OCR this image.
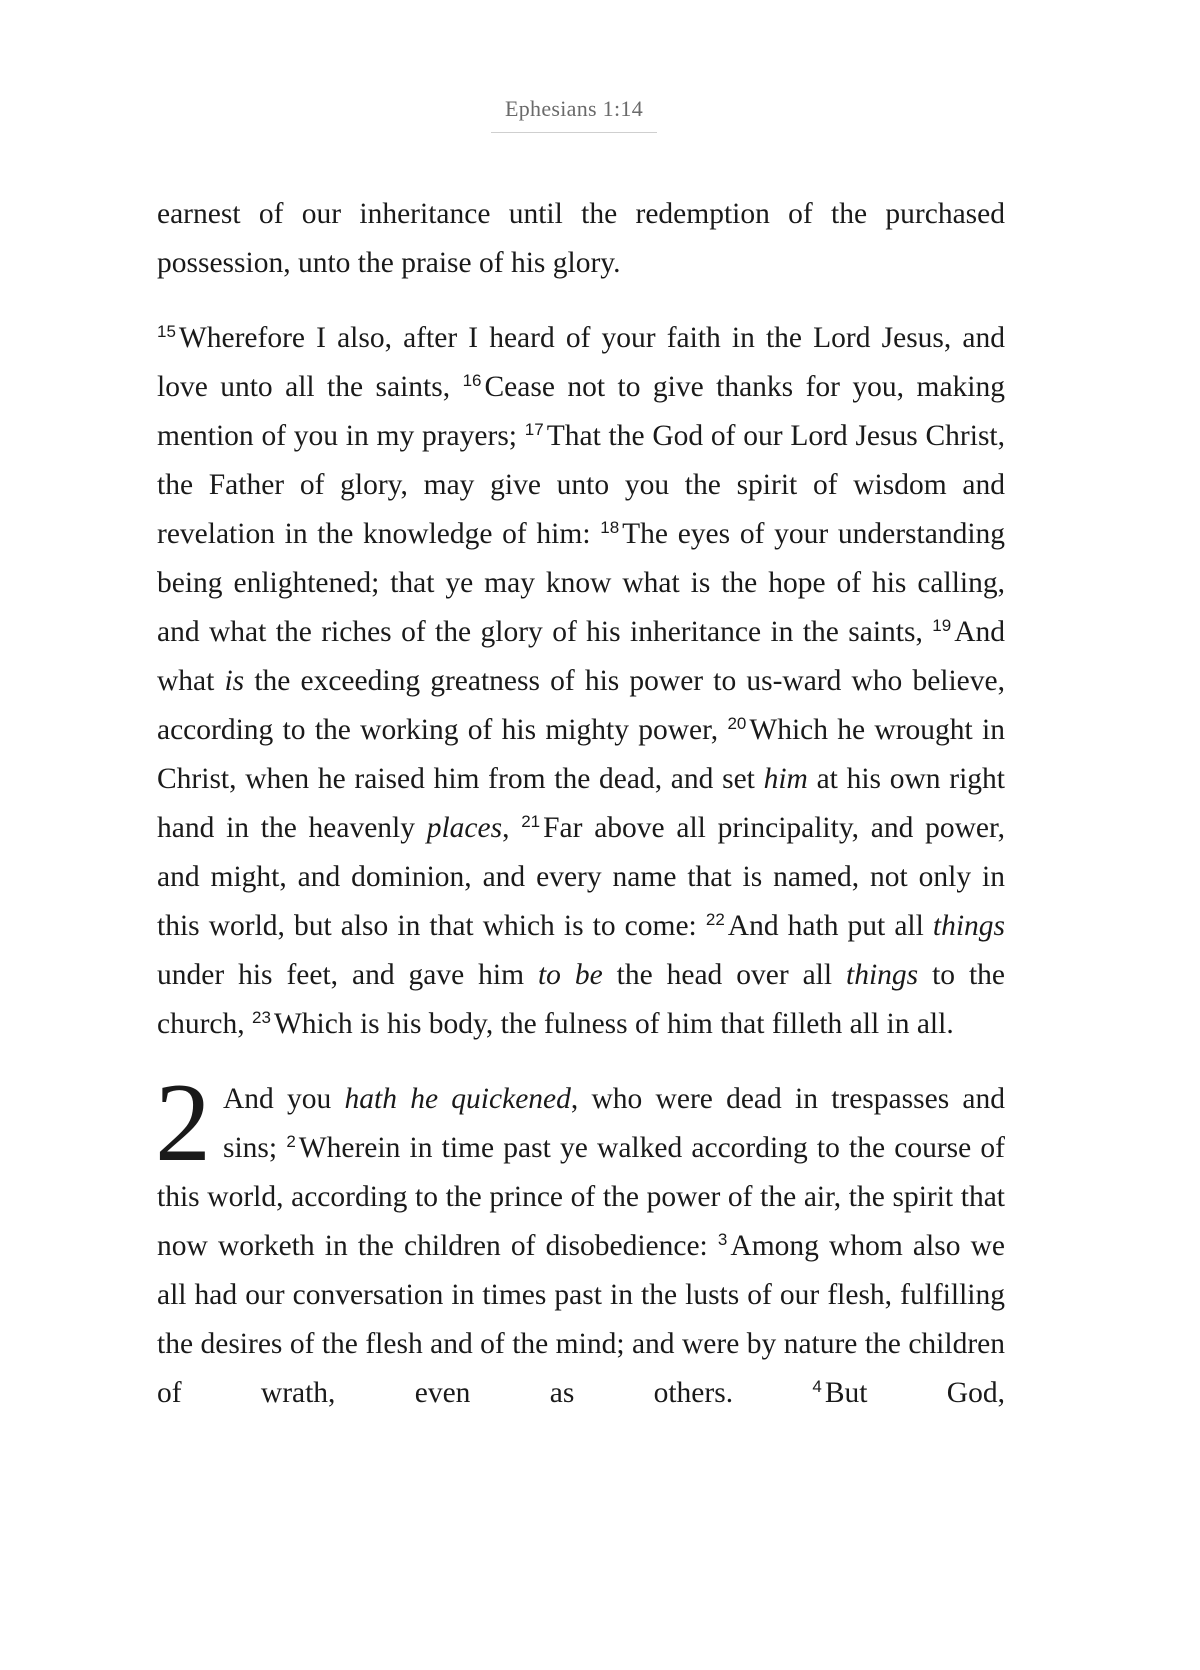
Ephesians 1:14

earnest of our inheritance until the redemption of the purchased possession, unto the praise of his glory.

$^{15}$ Wherefore I also, after I heard of your faith in the Lord Jesus, and love unto all the saints, $^{16}$ Cease not to give thanks for you, making mention of you in my prayers; $^{17}$ That the God of our Lord Jesus Christ, the Father of glory, may give unto you the spirit of wisdom and revelation in the knowledge of him: $^{18}$ The eyes of your understanding being enlightened; that ye may know what is the hope of his calling, and what the riches of the glory of his inheritance in the saints, $^{19}$ And what is the exceeding greatness of his power to us-ward who believe, according to the working of his mighty power, $^{20}$ Which he wrought in Christ, when he raised him from the dead, and set him at his own right hand in the heavenly places, $^{21}$ Far above all principality, and power, and might, and dominion, and every name that is named, not only in this world, but also in that which is to come: $^{22}$ And hath put all things under his feet, and gave him to be the head over all things to the church, $^{23}$ Which is his body, the fulness of him that filleth all in all.

2 And you hath he quickened, who were dead in trespasses and sins; $^2$ Wherein in time past ye walked according to the course of this world, according to the prince of the power of the air, the spirit that now worketh in the children of disobedience: $^3$ Among whom also we all had our conversation in times past in the lusts of our flesh, fulfilling the desires of the flesh and of the mind; and were by nature the children of wrath, even as others.	$^4$ But God,
